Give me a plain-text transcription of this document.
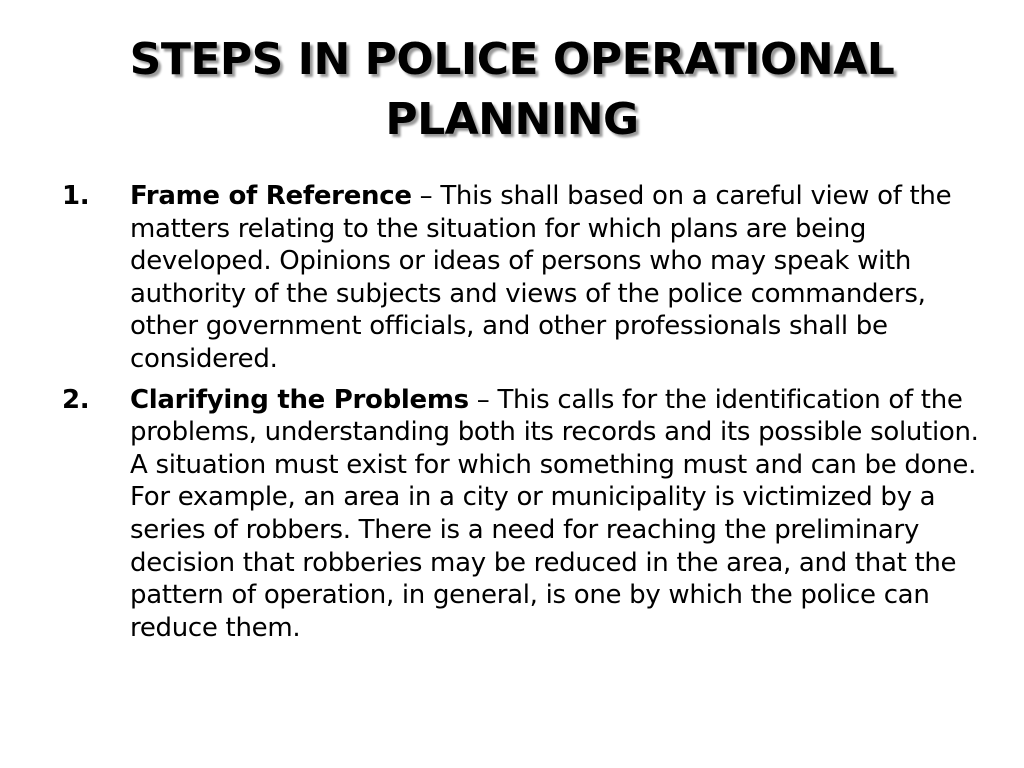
STEPS IN POLICE OPERATIONAL PLANNING
1. Frame of Reference – This shall based on a careful view of the matters relating to the situation for which plans are being developed. Opinions or ideas of persons who may speak with authority of the subjects and views of the police commanders, other government officials, and other professionals shall be considered.
2. Clarifying the Problems – This calls for the identification of the problems, understanding both its records and its possible solution. A situation must exist for which something must and can be done. For example, an area in a city or municipality is victimized by a series of robbers. There is a need for reaching the preliminary decision that robberies may be reduced in the area, and that the pattern of operation, in general, is one by which the police can reduce them.
